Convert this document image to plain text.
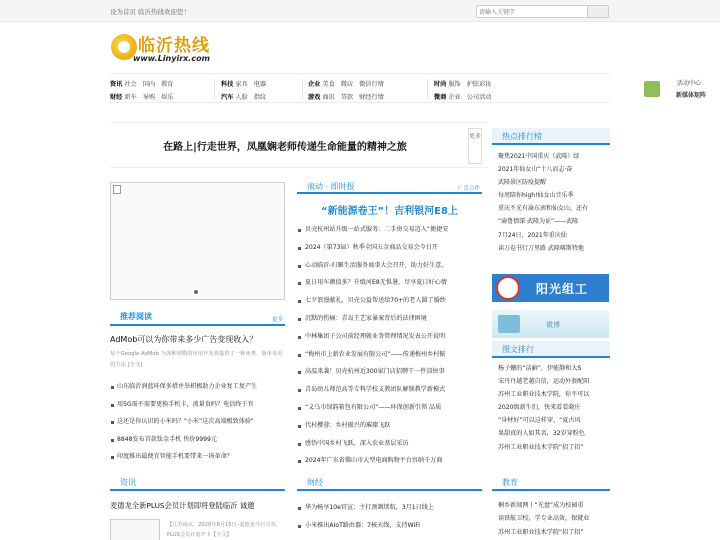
设为首页 临沂热线欢迎您！
请输入关键字
临沂热线
www.Linyirx.com
资讯 社会 国内 教育
财经 新车 导购 娱乐
科技 家具 电器
汽车 人脸 指纹
企业 美食 微店 微信行情
游戏 商讯 贷款 财经行情
时尚 服饰 护肤彩妆
微商 企业 公司活动
活动中心
新媒体矩阵
在路上|行走世界，凤凰娴老师传递生命能量的精神之旅
更多	热点排行榜
聚焦2021中国重庆（武隆）绿
2021年仙女山“十八而志·奋
武隆景区防疫提醒
每周陪你high!仙女山音乐季
重庆不光有渝东南和仙女山，还有
“渝鲁情深·武隆为证”——武隆
7月24日，2021年重庆仙
读万卷书行万里路 武隆喀斯特地
滚动 · 即时报	广告合作
“新能源卷王”！吉利银河E8上
贝壳杭州站升级一站式服务：二手房交易迈入“便捷安
2024（第73届）秋季全国五金商品交易会今日开
心动临沂-归雁生活服务商事大会召开，助力好生意，
夏日用车颜值多？升级河E8无惧暑，尽享夏日好心情
七夕浪漫献礼，贝壳公益帮送给70+的老人圆了婚纱
沉默的伤痛：青岛王艺家暴案背后的法律困境
中林集团子公司前经理就业务管理情况发表公开说明
“梅州市上新农业发展有限公司”——传递梅州乡村振
高温来袭！贝壳杭州近300家门店招聘干一件凉快事
青岛幼儿师范高等专科学校支教团队解锁教学新模式
“义乌市绿韵箱包有限公司”——环保创新引领 品质
代村樱蓉：乡村振兴的璀璨飞跃
感悟中国乡村飞跃，深入农业基层采访
2024年广东省佛山市大型电商购物平台容纳千万商
阳光组工
微博
推荐阅读	更多
AdMob可以为你带来多少广告变现收入？
每个Google AdMob 为各种规模的应用开发者提供了一种免费、简单易用的方法 [全文]
山东临沂润蓝环保多措并举积极助力企业复工复产生
用5G需不需要更换手机卡，流量贵吗？电信终于官
这还是你认识的小米吗？"小米”这次高端极致体验"
8848发布首款钛金手机 售价9999元
印度推出最便宜智能手机要带来一场革命？
图文排行
杨子姗的“洁癖”，伊能静和大S
宋丹丹越老越自信，运动外套配阳
苏州工业职业技术学院，你不可以
2020级新生们，快来看看晓庄
“身材好”可以这样穿，“夏古风
果甜真的人如其名，32岁穿粉色
苏州工业职业技术学院“招了招”
资讯
麦德龙全新PLUS会员计划即将登陆临沂 诚邀
【江苏南京，2020年8月15日–麦德龙今日宣布，PLUS会员计划开卡【全文】
财经
华为畅享10e官宣：主打颈颔续航，3月1日线上
小米推出AIoT路由器：7核天线，支持WiFi
教育
桐乡新闻网丨“光盘”成为校园重
读铁航卫校，学专业高效，保就业
苏州工业职业技术学院“招了招”
